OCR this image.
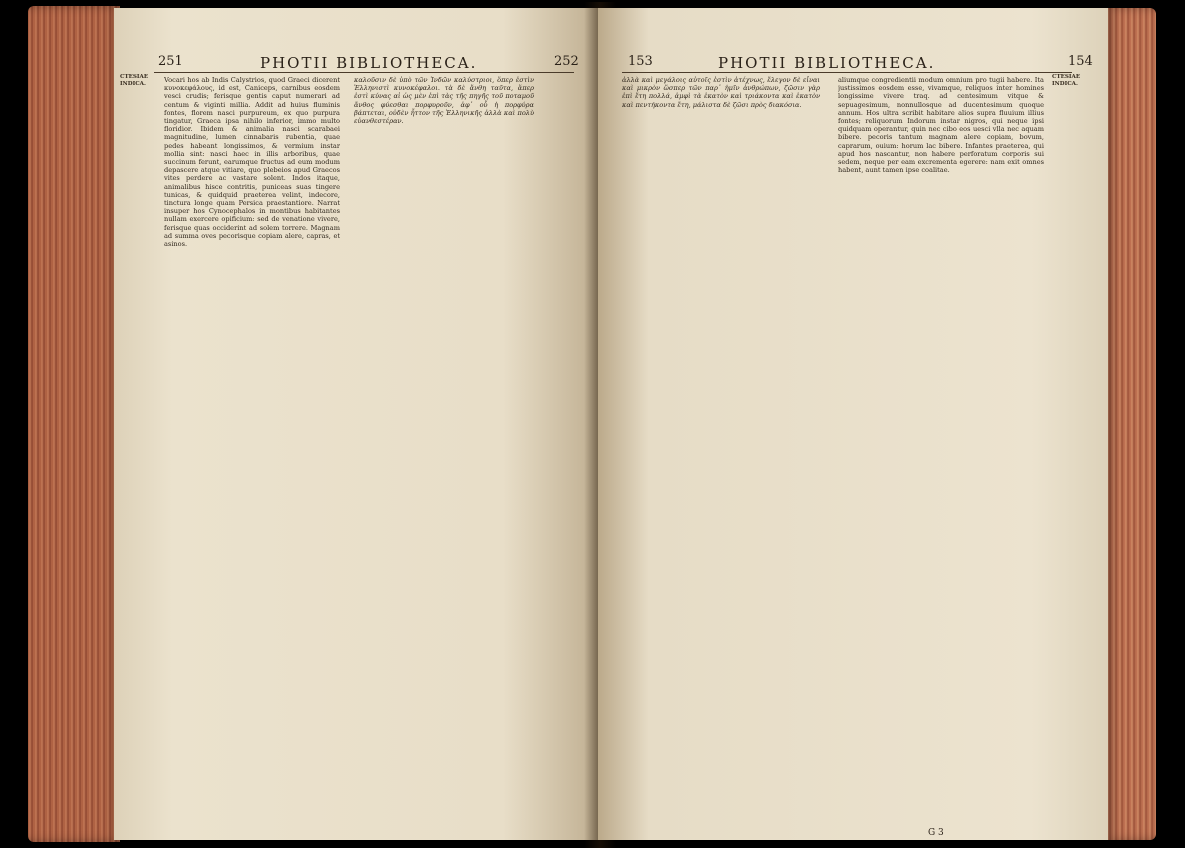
251	PHOTII BIBLIOTHECA.	252
CTESIAE INDICA.	Vocari hos ab Indis Calystrios, quod Graeci dicerent κυνοκεφάλους, id est, Caniceps, carnibus eosdem vesci crudis; ferisque gentis caput numerari ad centum & viginti millia. Addit ad huius fluminis fontes, florem nasci purpureum, ex quo purpura tingatur, Graeca ipsa nihilo inferior, immo multo floridior. Ibidem & animalia nasci scarabaei magnitudine, lumen cinnabaris rubentia, quae pedes habeant longissimos, & vermium instar mollia sint: nasci haec in illis arboribus, quae succinum ferunt, earumque fructus ad eum modum depascere atque vitiare, quo plebeios apud Graecos vites perdere ac vastare solent. Indos itaque, animalibus hisce contritis, puniceas suas tingere tunicas, & quidquid praeterea velint, indecore, tinctura longe quam Persica praestantiore. Narrat insuper hos Cynocephalos in montibus habitantes nullam exercere opificium: sed de venatione vivere, ferisque quas occiderint ad solem torrere. Magnam ad summa oves pecorisque copiam alere, capras, et asinos.

καλοῦσιν δὲ ὑπὸ τῶν Ἰνδῶν καλύστριοι, ὅπερ ἐστὶν Ἑλληνιστὶ κυνοκέφαλοι. τὰ δὲ ἄνθη ταῦτα, ἅπερ ἐστὶ κύνας αἰ ὡς μὲν ἐπὶ τὰς τῆς πηγῆς τοῦ ποταμοῦ ἄνθος φύεσθαι πορφυροῦν, ἀφ᾽ οὗ ἡ πορφύρα βάπτεται, οὐδὲν ἧττον τῆς Ἑλληνικῆς ἀλλὰ καὶ πολὺ εὐανθεστέραν.

153	PHOTII BIBLIOTHECA.	154

ἀλλὰ καὶ μεγάλοις αὐτοῖς ἐστὶν ἀτέχνως, ἔλεγον δὲ εἶναι καὶ μικρὸν ὥσπερ τῶν παρ᾽ ἡμῖν ἀνθρώπων, ζῶσιν γὰρ ἐπὶ ἔτη πολλά, ἀμφὶ τὰ ἑκατὸν καὶ τριάκοντα καὶ ἑκατὸν καὶ πεντήκοντα ἔτη, μάλιστα δὲ ζῶσι πρὸς διακόσια.

aliumque congredientii modum omnium pro tugii habere. Ita justissimos eosdem esse, vivamque, reliquos inter homines longissime vivere traq. ad centesimum vitque & sepuagesimum, nonnullosque ad ducentesimum quoque annum. Hos ultra scribit habitare alios supra fluuium illius fontes; reliquorum Indorum instar nigros, qui neque ipsi quidquam operantur, quin nec cibo eos uesci vlla nec aquam bibere. pecoris tantum magnam alere copiam, bovum, caprarum, ouium: horum lac bibere. Infantes praeterea, qui apud hos nascantur, non habere perforatum corporis sui sedem, neque per eam excrementa egerere: nam exit omnes habent, aunt tamen ipse coalitae.

CTESIAE INDICA.
G 3
